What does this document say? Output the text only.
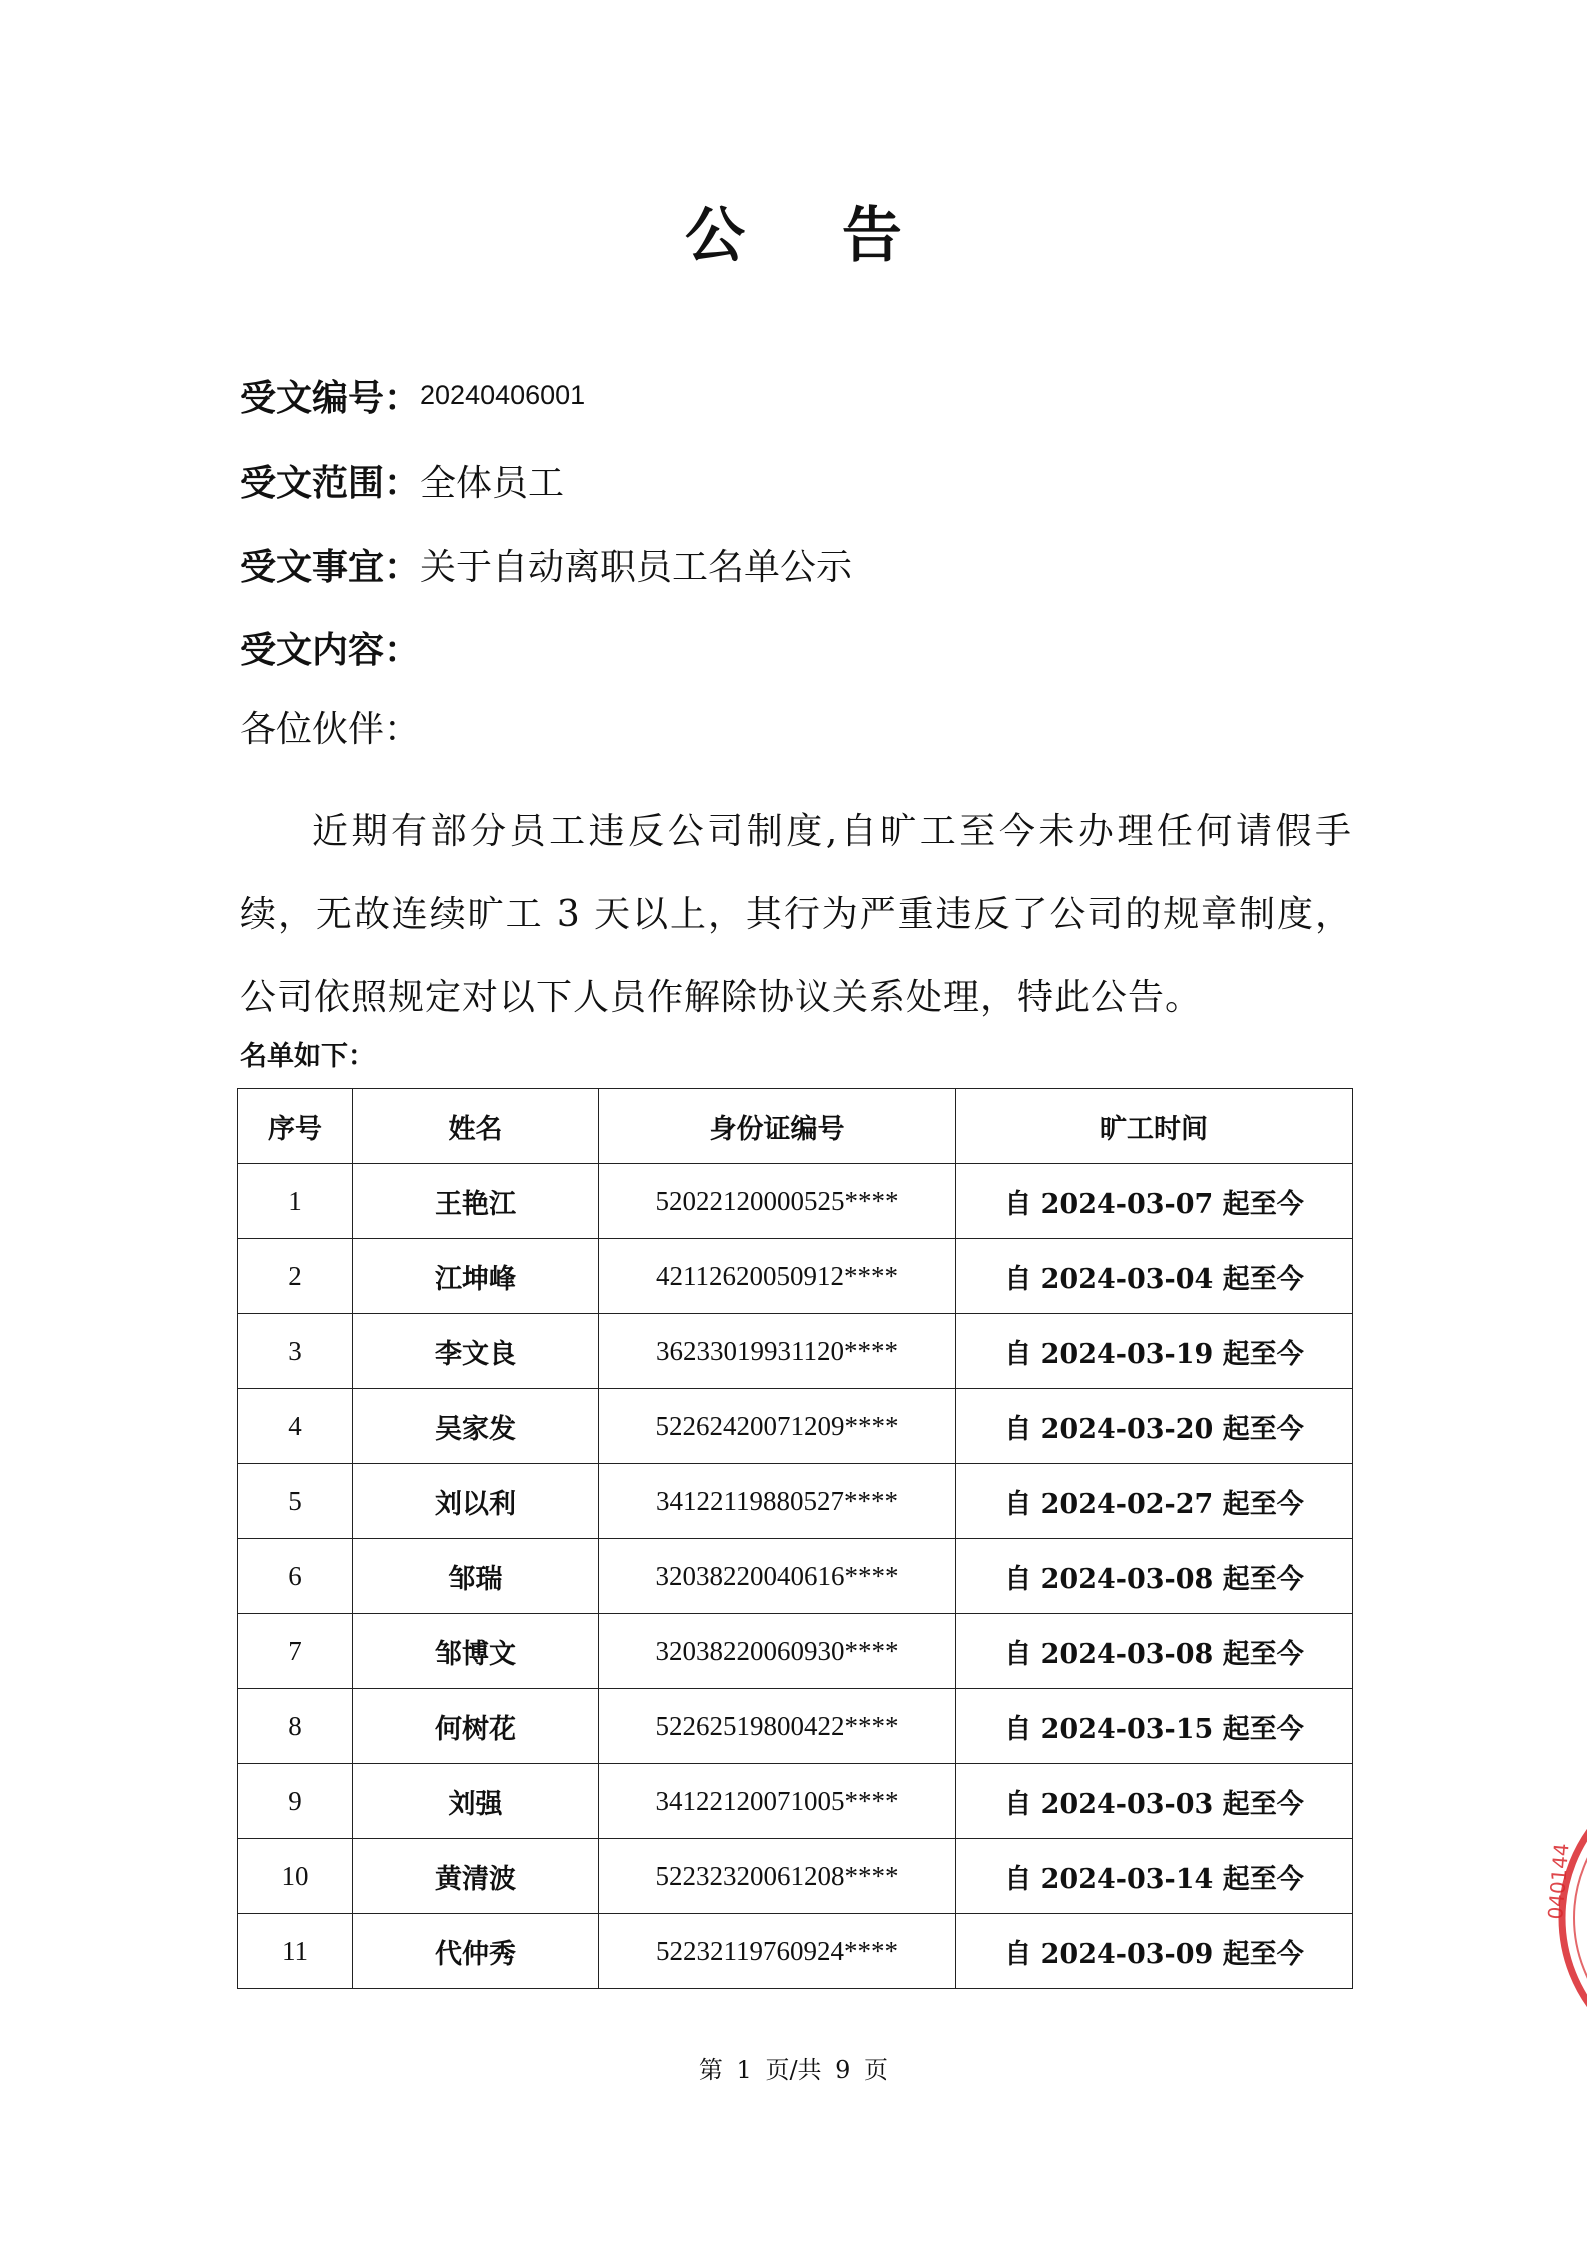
公 告
受文编号：20240406001
受文范围：全体员工
受文事宜：关于自动离职员工名单公示
受文内容：
各位伙伴：
近期有部分员工违反公司制度,自旷工至今未办理任何请假手续，无故连续旷工 3 天以上，其行为严重违反了公司的规章制度，公司依照规定对以下人员作解除协议关系处理，特此公告。
名单如下：
序号	姓名	身份证编号	旷工时间
1	王艳江	52022120000525****	自 2024-03-07 起至今
2	江坤峰	42112620050912****	自 2024-03-04 起至今
3	李文良	36233019931120****	自 2024-03-19 起至今
4	吴家发	52262420071209****	自 2024-03-20 起至今
5	刘以利	34122119880527****	自 2024-02-27 起至今
6	邹瑞	32038220040616****	自 2024-03-08 起至今
7	邹博文	32038220060930****	自 2024-03-08 起至今
8	何树花	52262519800422****	自 2024-03-15 起至今
9	刘强	34122120071005****	自 2024-03-03 起至今
10	黄清波	52232320061208****	自 2024-03-14 起至今
11	代仲秀	52232119760924****	自 2024-03-09 起至今
第 1 页/共 9 页
040144
